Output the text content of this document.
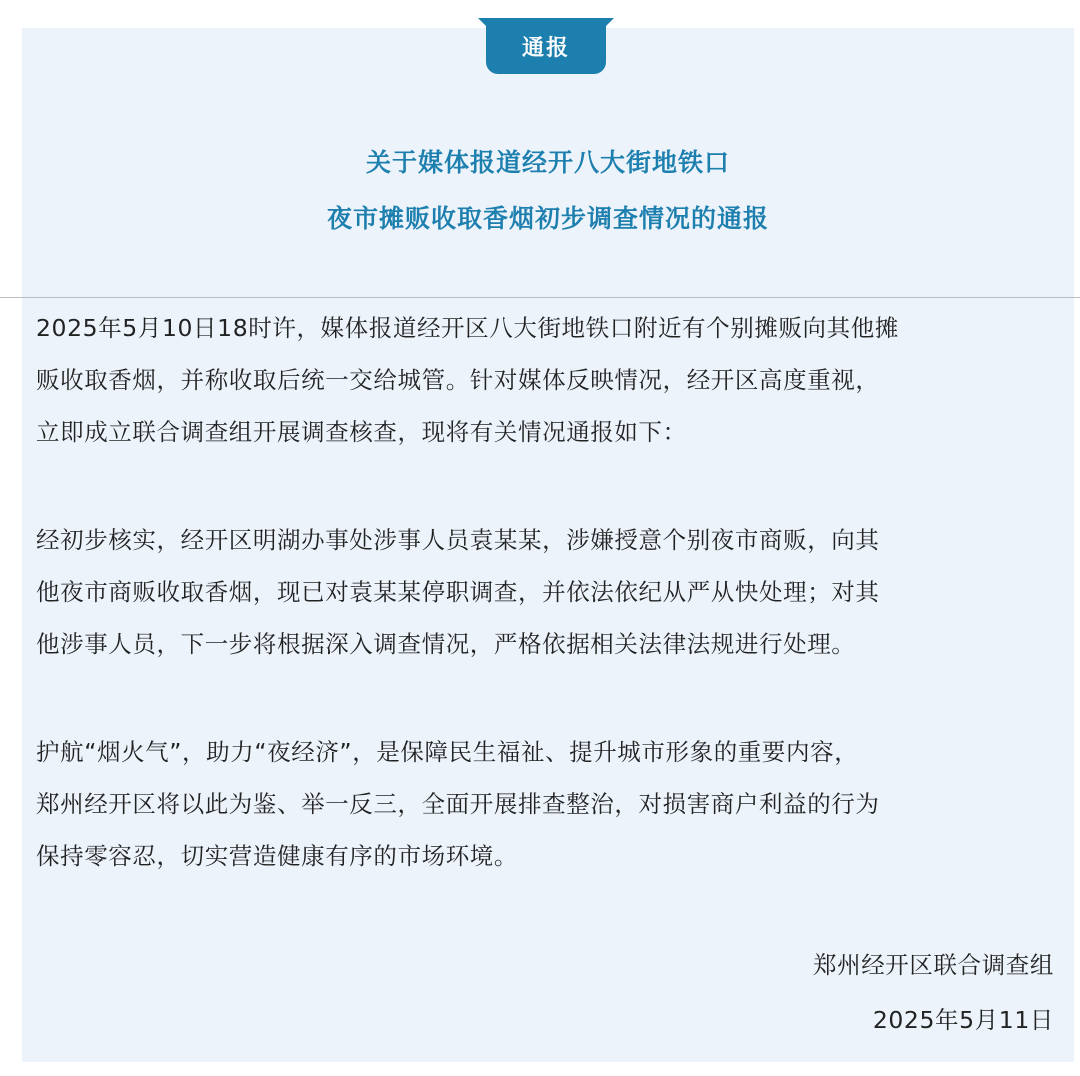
通报
关于媒体报道经开八大街地铁口
夜市摊贩收取香烟初步调查情况的通报
2025年5月10日18时许，媒体报道经开区八大街地铁口附近有个别摊贩向其他摊
贩收取香烟，并称收取后统一交给城管。针对媒体反映情况，经开区高度重视，
立即成立联合调查组开展调查核查，现将有关情况通报如下：
经初步核实，经开区明湖办事处涉事人员袁某某，涉嫌授意个别夜市商贩，向其
他夜市商贩收取香烟，现已对袁某某停职调查，并依法依纪从严从快处理；对其
他涉事人员，下一步将根据深入调查情况，严格依据相关法律法规进行处理。
护航“烟火气”，助力“夜经济”，是保障民生福祉、提升城市形象的重要内容，
郑州经开区将以此为鉴、举一反三，全面开展排查整治，对损害商户利益的行为
保持零容忍，切实营造健康有序的市场环境。
郑州经开区联合调查组
2025年5月11日
